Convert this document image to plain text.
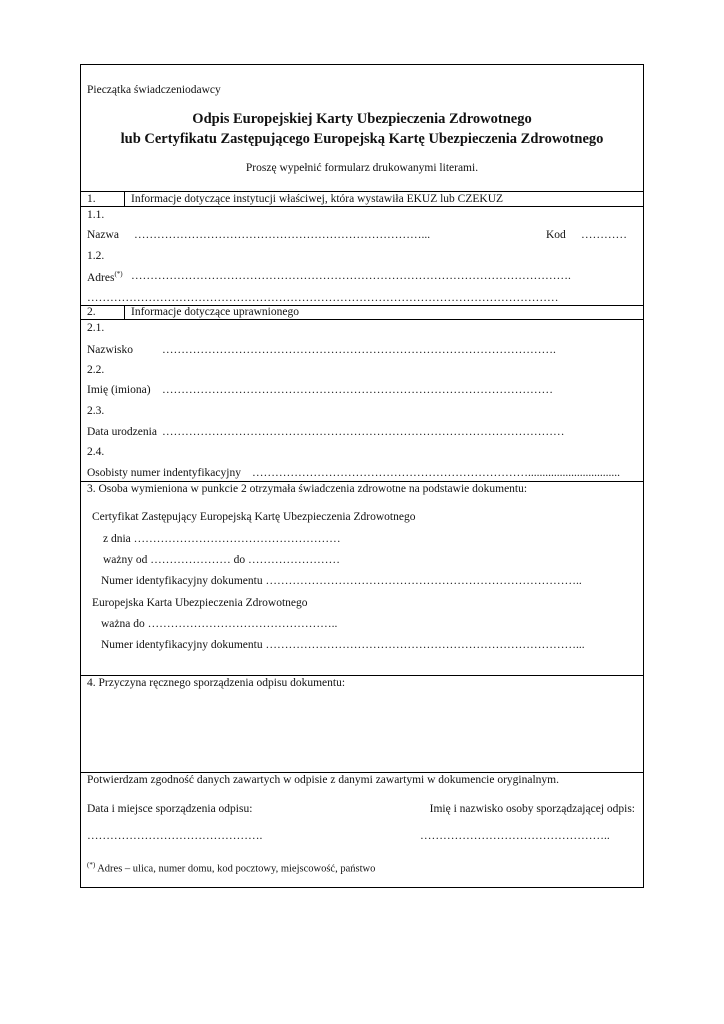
Pieczątka świadczeniodawcy
Odpis Europejskiej Karty Ubezpieczenia Zdrowotnego
lub Certyfikatu Zastępującego Europejską Kartę Ubezpieczenia Zdrowotnego
Proszę wypełnić formularz drukowanymi literami.
1.	Informacje dotyczące instytucji właściwej, która wystawiła EKUZ lub CZEKUZ
1.1.
Nazwa …………………………………………………………………...	Kod …………
1.2.
Adres(*) …………………………………………………………………………………………………….
……………………………………………………………………………………………………………
2.	Informacje dotyczące uprawnionego
2.1.
Nazwisko	………………………………………………………………………………………….
2.2.
Imię (imiona) …………………………………………………………………………………………
2.3.
Data urodzenia ……………………………………………………………………………………………
2.4.
Osobisty numer indentyfikacyjny ………………………………………………………………................................
3. Osoba wymieniona w punkcie 2 otrzymała świadczenia zdrowotne na podstawie dokumentu:
Certyfikat Zastępujący Europejską Kartę Ubezpieczenia Zdrowotnego
z dnia ………………………………………………
ważny od ………………… do ……………………
Numer identyfikacyjny dokumentu ………………………………………………………………………..
Europejska Karta Ubezpieczenia Zdrowotnego
ważna do …………………………………………..
Numer identyfikacyjny dokumentu ………………………………………………………………………...
4. Przyczyna ręcznego sporządzenia odpisu dokumentu:
Potwierdzam zgodność danych zawartych w odpisie z danymi zawartymi w dokumencie oryginalnym.
Data i miejsce sporządzenia odpisu:	Imię i nazwisko osoby sporządzającej odpis:
……………………………………….	…………………………………………..
(*) Adres – ulica, numer domu, kod pocztowy, miejscowość, państwo
